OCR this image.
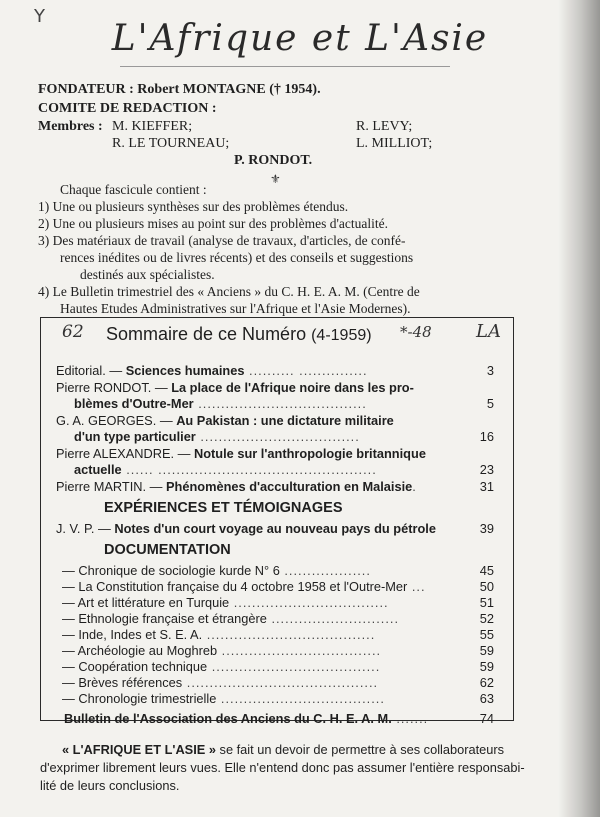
Y
L'Afrique et L'Asie
FONDATEUR : Robert MONTAGNE († 1954).
COMITE DE REDACTION :
Membres : M. KIEFFER;	R. LEVY;
R. LE TOURNEAU;	L. MILLIOT;
P. RONDOT.
⚜
Chaque fascicule contient :
1) Une ou plusieurs synthèses sur des problèmes étendus.
2) Une ou plusieurs mises au point sur des problèmes d'actualité.
3) Des matériaux de travail (analyse de travaux, d'articles, de confé-
rences inédites ou de livres récents) et des conseils et suggestions
destinés aux spécialistes.
4) Le Bulletin trimestriel des « Anciens » du C. H. E. A. M. (Centre de
Hautes Etudes Administratives sur l'Afrique et l'Asie Modernes).
62 Sommaire de ce Numéro (4-1959) *-48 LA
Editorial. — Sciences humaines .......... ...............	3
Pierre RONDOT. — La place de l'Afrique noire dans les pro-
blèmes d'Outre-Mer .....................................	5
G. A. GEORGES. — Au Pakistan : une dictature militaire
d'un type particulier ...................................	16
Pierre ALEXANDRE. — Notule sur l'anthropologie britannique
actuelle ...... ................................................	23
Pierre MARTIN. — Phénomènes d'acculturation en Malaisie.	31
EXPÉRIENCES ET TÉMOIGNAGES
J. V. P. — Notes d'un court voyage au nouveau pays du pétrole	39
DOCUMENTATION
— Chronique de sociologie kurde N° 6 ...................	45
— La Constitution française du 4 octobre 1958 et l'Outre-Mer ...	50
— Art et littérature en Turquie ..................................	51
— Ethnologie française et étrangère ............................	52
— Inde, Indes et S. E. A. .....................................	55
— Archéologie au Moghreb ...................................	59
— Coopération technique .....................................	59
— Brèves références ..........................................	62
— Chronologie trimestrielle ....................................	63
Bulletin de l'Association des Anciens du C. H. E. A. M. .......	74
« L'AFRIQUE ET L'ASIE » se fait un devoir de permettre à ses collaborateurs
d'exprimer librement leurs vues. Elle n'entend donc pas assumer l'entière responsabi-
lité de leurs conclusions.
